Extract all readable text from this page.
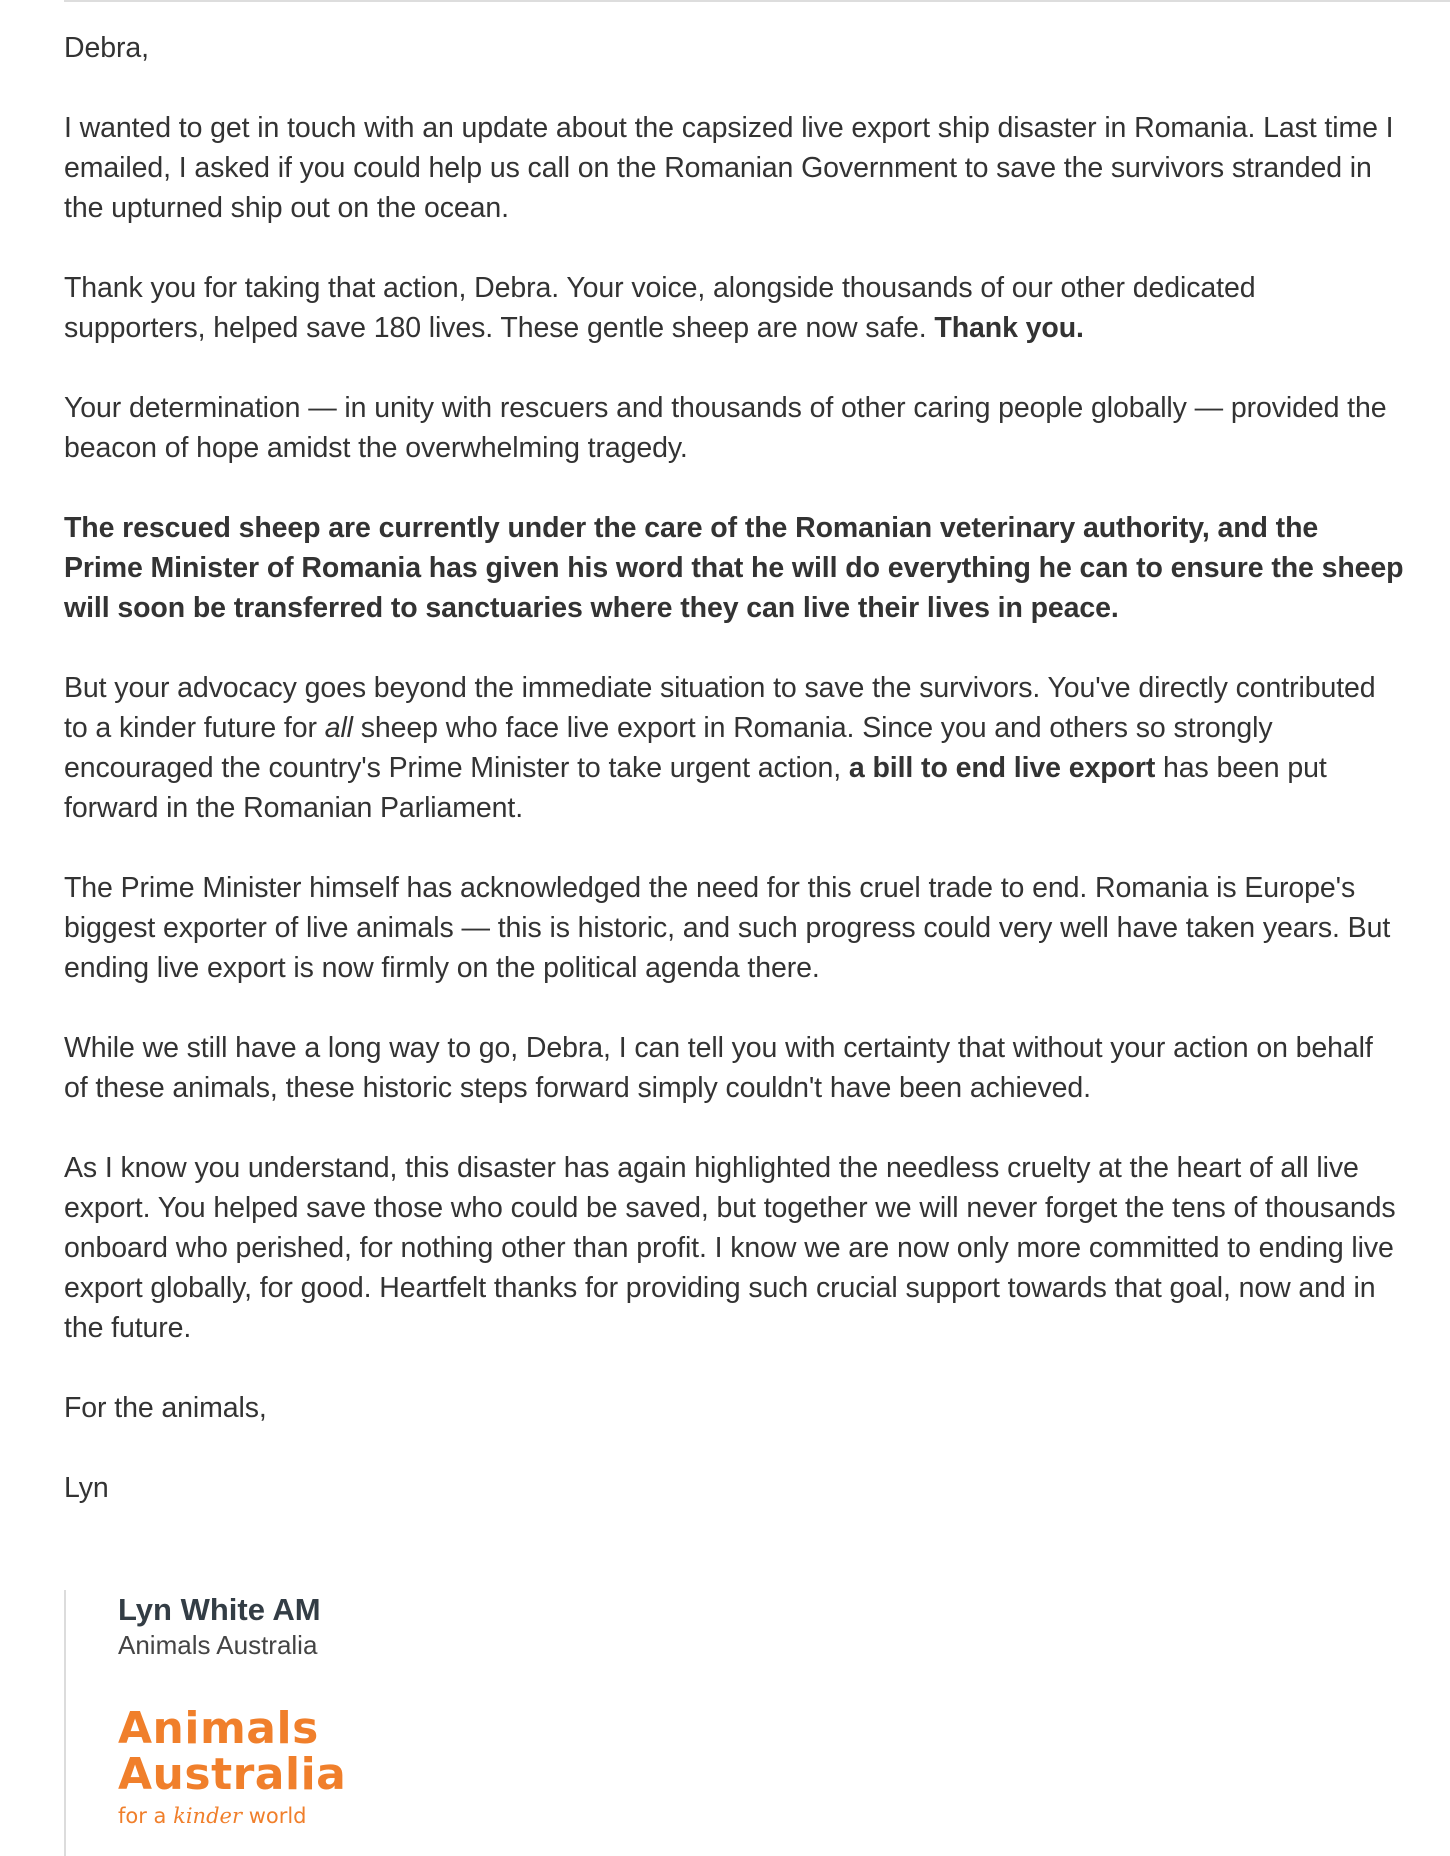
Debra,

I wanted to get in touch with an update about the capsized live export ship disaster in Romania. Last time I emailed, I asked if you could help us call on the Romanian Government to save the survivors stranded in the upturned ship out on the ocean.

Thank you for taking that action, Debra. Your voice, alongside thousands of our other dedicated supporters, helped save 180 lives. These gentle sheep are now safe. Thank you.

Your determination — in unity with rescuers and thousands of other caring people globally — provided the beacon of hope amidst the overwhelming tragedy.

The rescued sheep are currently under the care of the Romanian veterinary authority, and the Prime Minister of Romania has given his word that he will do everything he can to ensure the sheep will soon be transferred to sanctuaries where they can live their lives in peace.

But your advocacy goes beyond the immediate situation to save the survivors. You've directly contributed to a kinder future for all sheep who face live export in Romania. Since you and others so strongly encouraged the country's Prime Minister to take urgent action, a bill to end live export has been put forward in the Romanian Parliament.

The Prime Minister himself has acknowledged the need for this cruel trade to end. Romania is Europe's biggest exporter of live animals — this is historic, and such progress could very well have taken years. But ending live export is now firmly on the political agenda there.

While we still have a long way to go, Debra, I can tell you with certainty that without your action on behalf of these animals, these historic steps forward simply couldn't have been achieved.

As I know you understand, this disaster has again highlighted the needless cruelty at the heart of all live export. You helped save those who could be saved, but together we will never forget the tens of thousands onboard who perished, for nothing other than profit. I know we are now only more committed to ending live export globally, for good. Heartfelt thanks for providing such crucial support towards that goal, now and in the future.

For the animals,

Lyn

Lyn White AM
Animals Australia
Animals
Australia
for a kinder world
